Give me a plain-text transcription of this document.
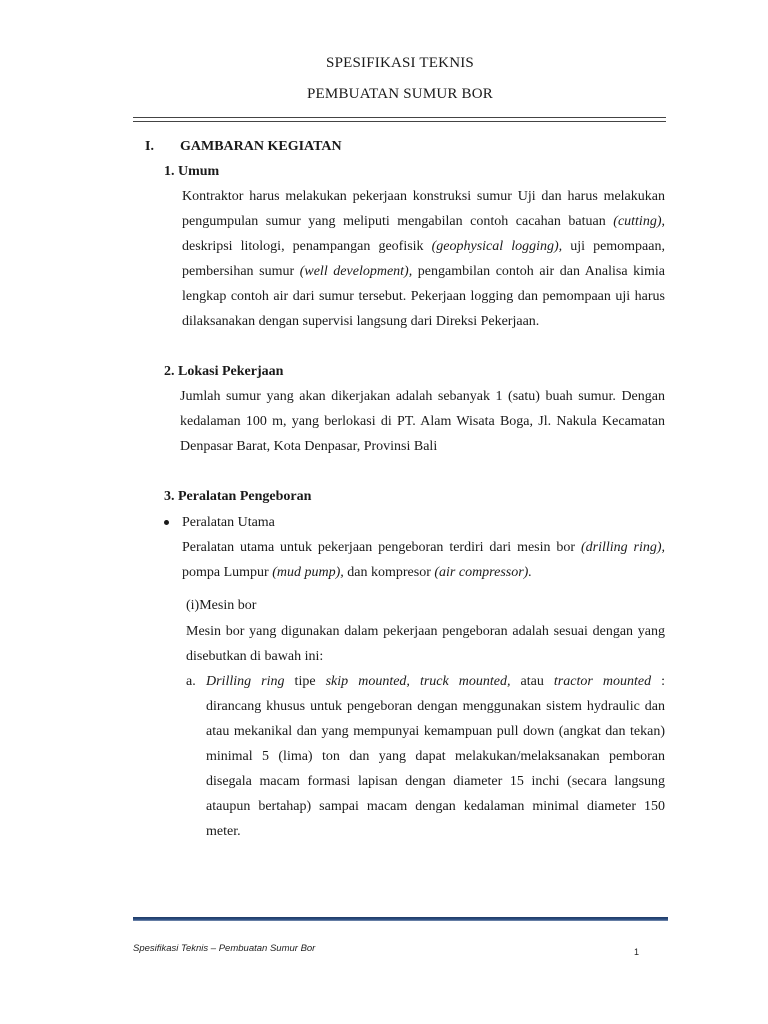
SPESIFIKASI TEKNIS
PEMBUATAN SUMUR BOR
I. GAMBARAN KEGIATAN
1. Umum
Kontraktor harus melakukan pekerjaan konstruksi sumur Uji dan harus melakukan
pengumpulan sumur yang meliputi mengabilan contoh cacahan batuan (cutting),
deskripsi litologi, penampangan geofisik (geophysical logging), uji pemompaan,
pembersihan sumur (well development), pengambilan contoh air dan Analisa kimia
lengkap contoh air dari sumur tersebut. Pekerjaan logging dan pemompaan uji harus
dilaksanakan dengan supervisi langsung dari Direksi Pekerjaan.
2. Lokasi Pekerjaan
Jumlah sumur yang akan dikerjakan adalah sebanyak 1 (satu) buah sumur. Dengan
kedalaman 100 m, yang berlokasi di PT. Alam Wisata Boga, Jl. Nakula Kecamatan
Denpasar Barat, Kota Denpasar, Provinsi Bali
3. Peralatan Pengeboran
Peralatan Utama
Peralatan utama untuk pekerjaan pengeboran terdiri dari mesin bor (drilling ring),
pompa Lumpur (mud pump), dan kompresor (air compressor).
(i)Mesin bor
Mesin bor yang digunakan dalam pekerjaan pengeboran adalah sesuai dengan yang
disebutkan di bawah ini:
a. Drilling ring tipe skip mounted, truck mounted, atau tractor mounted :
dirancang khusus untuk pengeboran dengan menggunakan sistem hydraulic dan
atau mekanikal dan yang mempunyai kemampuan pull down (angkat dan tekan)
minimal 5 (lima) ton dan yang dapat melakukan/melaksanakan pemboran
disegala macam formasi lapisan dengan diameter 15 inchi (secara langsung
ataupun bertahap) sampai macam dengan kedalaman minimal diameter 150
meter.
Spesifikasi Teknis – Pembuatan Sumur Bor	1
